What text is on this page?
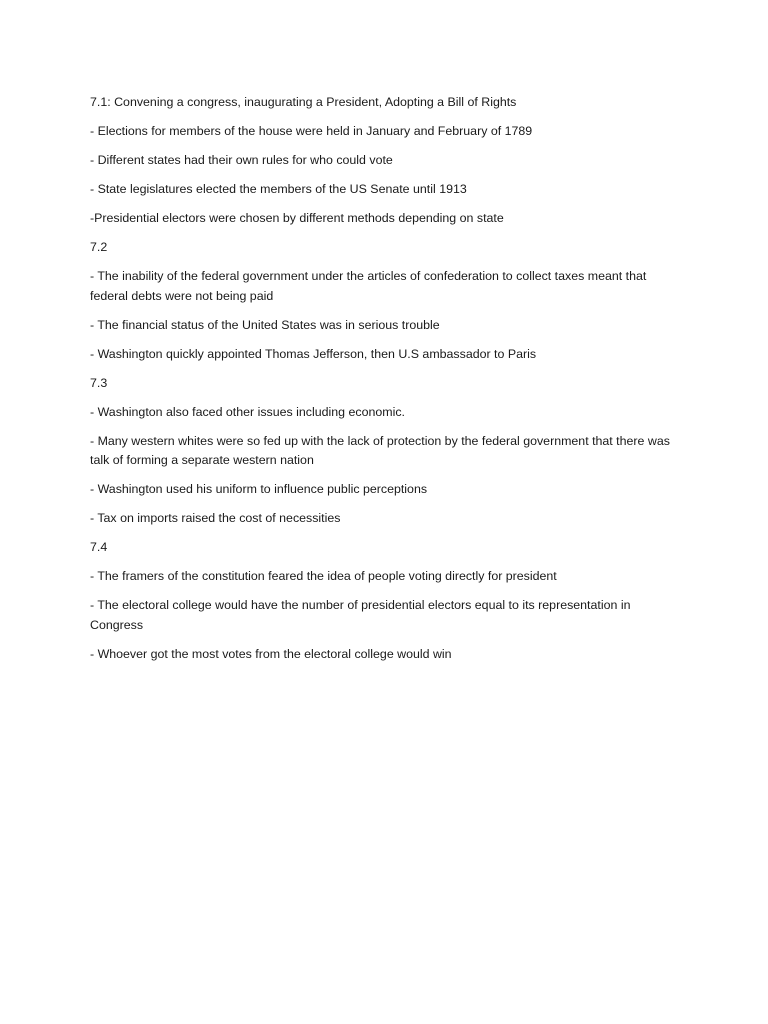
7.1: Convening a congress, inaugurating a President, Adopting a Bill of Rights

- Elections for members of the house were held in January and February of 1789

- Different states had their own rules for who could vote

- State legislatures elected the members of the US Senate until 1913

-Presidential electors were chosen by different methods depending on state

7.2

- The inability of the federal government under the articles of confederation to collect taxes meant that federal debts were not being paid

- The financial status of the United States was in serious trouble

- Washington quickly appointed Thomas Jefferson, then U.S ambassador to Paris

7.3

- Washington also faced other issues including economic.

- Many western whites were so fed up with the lack of protection by the federal government that there was talk of forming a separate western nation

- Washington used his uniform to influence public perceptions

- Tax on imports raised the cost of necessities

7.4

- The framers of the constitution feared the idea of people voting directly for president

- The electoral college would have the number of presidential electors equal to its representation in Congress

- Whoever got the most votes from the electoral college would win
